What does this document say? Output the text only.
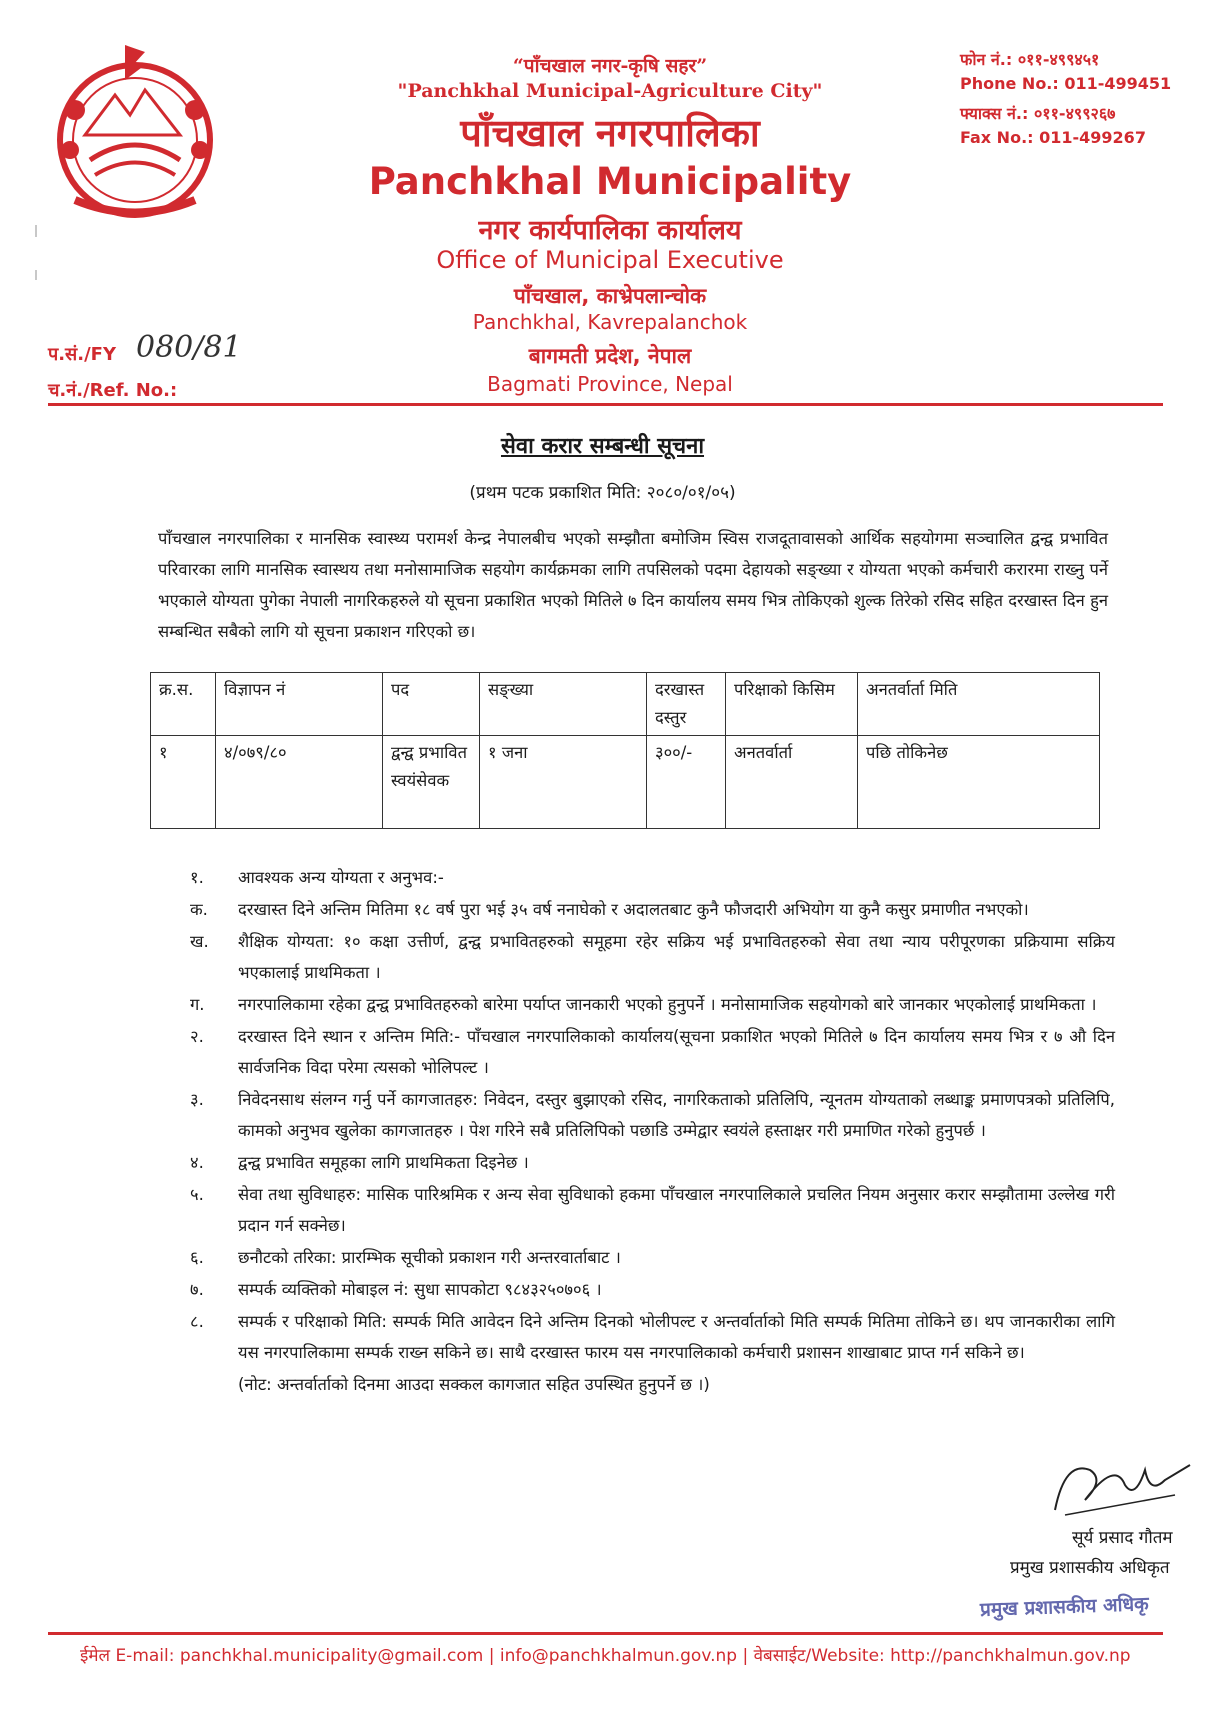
“पाँचखाल नगर-कृषि सहर”
"Panchkhal Municipal-Agriculture City"
पाँचखाल नगरपालिका
Panchkhal Municipality
नगर कार्यपालिका कार्यालय
Office of Municipal Executive
पाँचखाल, काभ्रेपलान्चोक
Panchkhal, Kavrepalanchok
बागमती प्रदेश, नेपाल
Bagmati Province, Nepal
फोन नं.: ०११-४९९४५१
Phone No.: 011-499451
फ्याक्स नं.: ०११-४९९२६७
Fax No.: 011-499267
प.सं./FY 080/81
च.नं./Ref. No.:
सेवा करार सम्बन्धी सूचना
(प्रथम पटक प्रकाशित मिति: २०८०/०१/०५)
पाँचखाल नगरपालिका र मानसिक स्वास्थ्य परामर्श केन्द्र नेपालबीच भएको सम्झौता बमोजिम स्विस राजदूतावासको आर्थिक सहयोगमा सञ्चालित द्वन्द्व प्रभावित परिवारका लागि मानसिक स्वास्थय तथा मनोसामाजिक सहयोग कार्यक्रमका लागि तपसिलको पदमा देहायको सङ्ख्या र योग्यता भएको कर्मचारी करारमा राख्नु पर्ने भएकाले योग्यता पुगेका नेपाली नागरिकहरुले यो सूचना प्रकाशित भएको मितिले ७ दिन कार्यालय समय भित्र तोकिएको शुल्क तिरेको रसिद सहित दरखास्त दिन हुन सम्बन्धित सबैको लागि यो सूचना प्रकाशन गरिएको छ।
क्र.स.	विज्ञापन नं	पद	सङ्ख्या	दरखास्त दस्तुर	परिक्षाको किसिम	अनतर्वार्ता मिति
१	४/०७९/८०	द्वन्द्व प्रभावित स्वयंसेवक	१ जना	३००/-	अनतर्वार्ता	पछि तोकिनेछ
१.	आवश्यक अन्य योग्यता र अनुभव:-
क.	दरखास्त दिने अन्तिम मितिमा १८ वर्ष पुरा भई ३५ वर्ष ननाघेको र अदालतबाट कुनै फौजदारी अभियोग या कुनै कसुर प्रमाणीत नभएको।
ख.	शैक्षिक योग्यता: १० कक्षा उत्तीर्ण, द्वन्द्व प्रभावितहरुको समूहमा रहेर सक्रिय भई प्रभावितहरुको सेवा तथा न्याय परीपूरणका प्रक्रियामा सक्रिय भएकालाई प्राथमिकता ।
ग.	नगरपालिकामा रहेका द्वन्द्व प्रभावितहरुको बारेमा पर्याप्त जानकारी भएको हुनुपर्ने । मनोसामाजिक सहयोगको बारे जानकार भएकोलाई प्राथमिकता ।
२.	दरखास्त दिने स्थान र अन्तिम मिति:- पाँचखाल नगरपालिकाको कार्यालय(सूचना प्रकाशित भएको मितिले ७ दिन कार्यालय समय भित्र र ७ औ दिन सार्वजनिक विदा परेमा त्यसको भोलिपल्ट ।
३.	निवेदनसाथ संलग्न गर्नु पर्ने कागजातहरु: निवेदन, दस्तुर बुझाएको रसिद, नागरिकताको प्रतिलिपि, न्यूनतम योग्यताको लब्धाङ्क प्रमाणपत्रको प्रतिलिपि, कामको अनुभव खुलेका कागजातहरु । पेश गरिने सबै प्रतिलिपिको पछाडि उम्मेद्वार स्वयंले हस्ताक्षर गरी प्रमाणित गरेको हुनुपर्छ ।
४.	द्वन्द्व प्रभावित समूहका लागि प्राथमिकता दिइनेछ ।
५.	सेवा तथा सुविधाहरु: मासिक पारिश्रमिक र अन्य सेवा सुविधाको हकमा पाँचखाल नगरपालिकाले प्रचलित नियम अनुसार करार सम्झौतामा उल्लेख गरी प्रदान गर्न सक्नेछ।
६.	छनौटको तरिका: प्रारम्भिक सूचीको प्रकाशन गरी अन्तरवार्ताबाट ।
७.	सम्पर्क व्यक्तिको मोबाइल नं: सुधा सापकोटा ९८४३२५०७०६ ।
८.	सम्पर्क र परिक्षाको मिति: सम्पर्क मिति आवेदन दिने अन्तिम दिनको भोलीपल्ट र अन्तर्वार्ताको मिति सम्पर्क मितिमा तोकिने छ। थप जानकारीका लागि यस नगरपालिकामा सम्पर्क राख्न सकिने छ। साथै दरखास्त फारम यस नगरपालिकाको कर्मचारी प्रशासन शाखाबाट प्राप्त गर्न सकिने छ।
(नोट: अन्तर्वार्ताको दिनमा आउदा सक्कल कागजात सहित उपस्थित हुनुपर्ने छ ।)
सूर्य प्रसाद गौतम
प्रमुख प्रशासकीय अधिकृत
प्रमुख प्रशासकीय अधिकृ
ईमेल E-mail: panchkhal.municipality@gmail.com | info@panchkhalmun.gov.np | वेबसाईट/Website: http://panchkhalmun.gov.np
